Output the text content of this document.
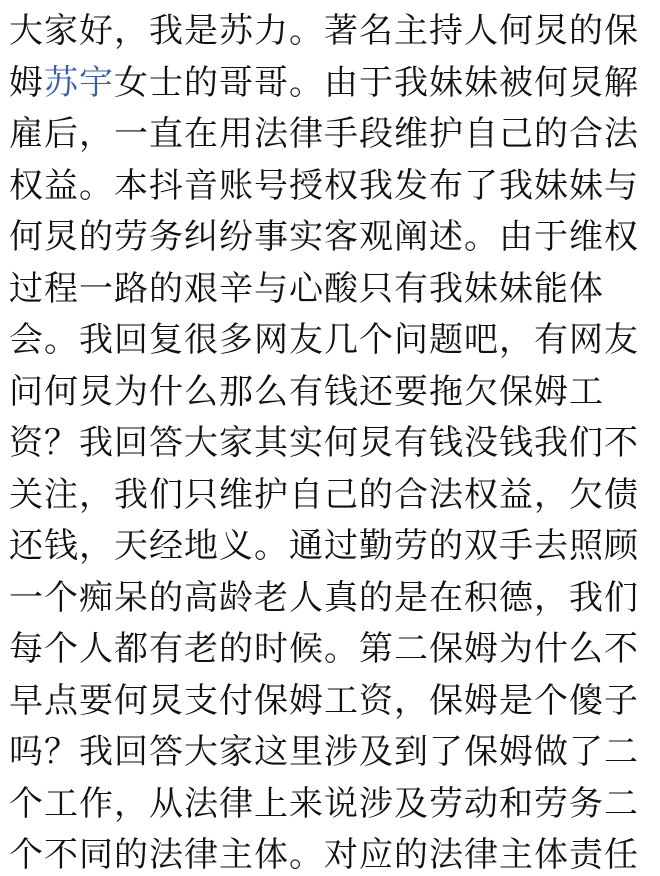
大家好，我是苏力。著名主持人何炅的保
姆苏宇女士的哥哥。由于我妹妹被何炅解
雇后，一直在用法律手段维护自己的合法
权益。本抖音账号授权我发布了我妹妹与
何炅的劳务纠纷事实客观阐述。由于维权
过程一路的艰辛与心酸只有我妹妹能体
会。我回复很多网友几个问题吧，有网友
问何炅为什么那么有钱还要拖欠保姆工
资？我回答大家其实何炅有钱没钱我们不
关注，我们只维护自己的合法权益，欠债
还钱，天经地义。通过勤劳的双手去照顾
一个痴呆的高龄老人真的是在积德，我们
每个人都有老的时候。第二保姆为什么不
早点要何炅支付保姆工资，保姆是个傻子
吗？我回答大家这里涉及到了保姆做了二
个工作，从法律上来说涉及劳动和劳务二
个不同的法律主体。对应的法律主体责任
